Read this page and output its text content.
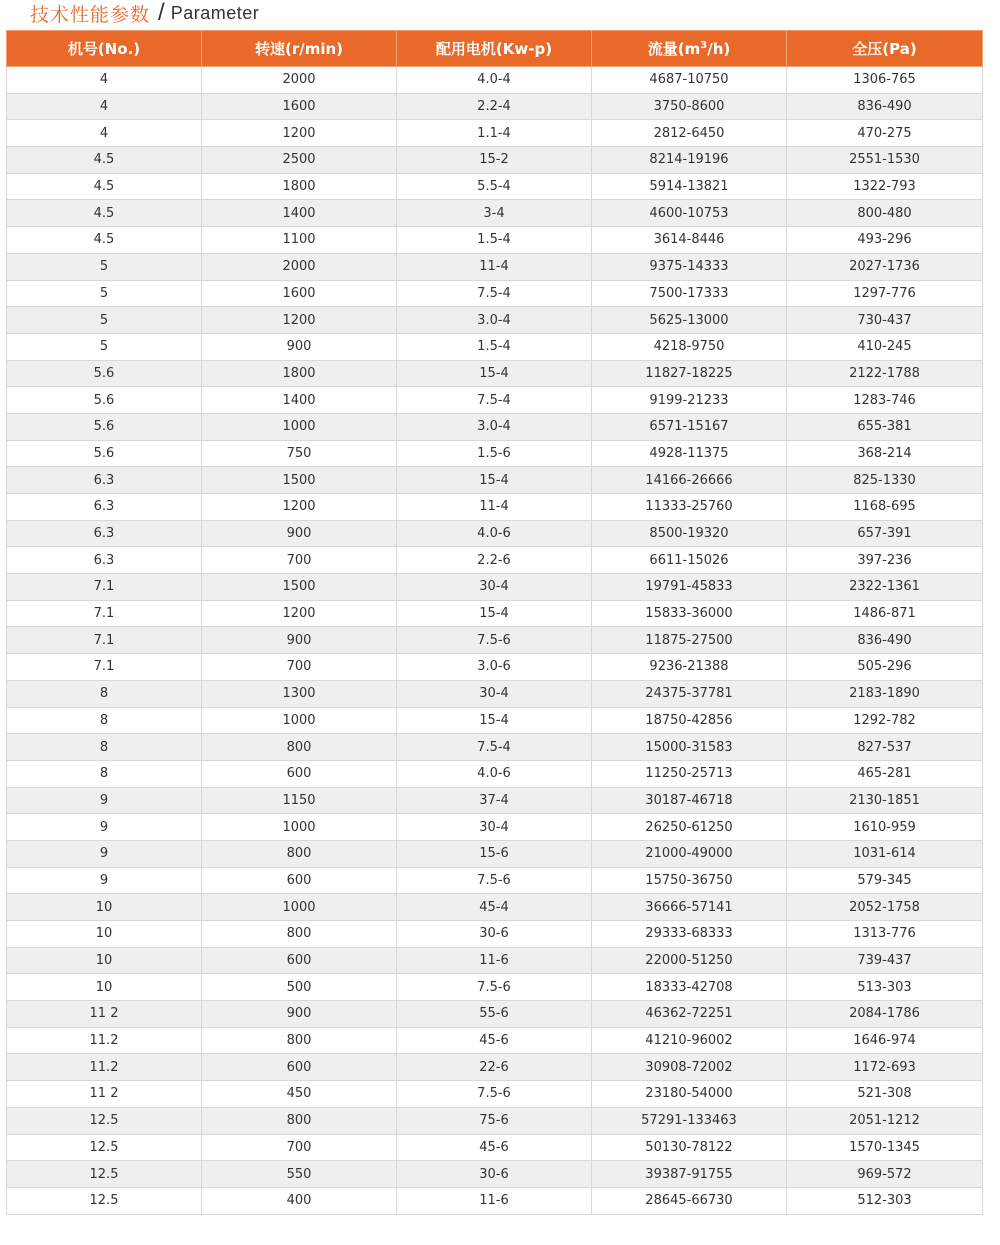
技术性能参数 / Parameter
机号(No.)	转速(r/min)	配用电机(Kw-p)	流量$(m^3/h)$	全压(Pa)
4	2000	4.0-4	4687-10750	1306-765
4	1600	2.2-4	3750-8600	836-490
4	1200	1.1-4	2812-6450	470-275
4.5	2500	15-2	8214-19196	2551-1530
4.5	1800	5.5-4	5914-13821	1322-793
4.5	1400	3-4	4600-10753	800-480
4.5	1100	1.5-4	3614-8446	493-296
5	2000	11-4	9375-14333	2027-1736
5	1600	7.5-4	7500-17333	1297-776
5	1200	3.0-4	5625-13000	730-437
5	900	1.5-4	4218-9750	410-245
5.6	1800	15-4	11827-18225	2122-1788
5.6	1400	7.5-4	9199-21233	1283-746
5.6	1000	3.0-4	6571-15167	655-381
5.6	750	1.5-6	4928-11375	368-214
6.3	1500	15-4	14166-26666	825-1330
6.3	1200	11-4	11333-25760	1168-695
6.3	900	4.0-6	8500-19320	657-391
6.3	700	2.2-6	6611-15026	397-236
7.1	1500	30-4	19791-45833	2322-1361
7.1	1200	15-4	15833-36000	1486-871
7.1	900	7.5-6	11875-27500	836-490
7.1	700	3.0-6	9236-21388	505-296
8	1300	30-4	24375-37781	2183-1890
8	1000	15-4	18750-42856	1292-782
8	800	7.5-4	15000-31583	827-537
8	600	4.0-6	11250-25713	465-281
9	1150	37-4	30187-46718	2130-1851
9	1000	30-4	26250-61250	1610-959
9	800	15-6	21000-49000	1031-614
9	600	7.5-6	15750-36750	579-345
10	1000	45-4	36666-57141	2052-1758
10	800	30-6	29333-68333	1313-776
10	600	11-6	22000-51250	739-437
10	500	7.5-6	18333-42708	513-303
11 2	900	55-6	46362-72251	2084-1786
11.2	800	45-6	41210-96002	1646-974
11.2	600	22-6	30908-72002	1172-693
11 2	450	7.5-6	23180-54000	521-308
12.5	800	75-6	57291-133463	2051-1212
12.5	700	45-6	50130-78122	1570-1345
12.5	550	30-6	39387-91755	969-572
12.5	400	11-6	28645-66730	512-303
